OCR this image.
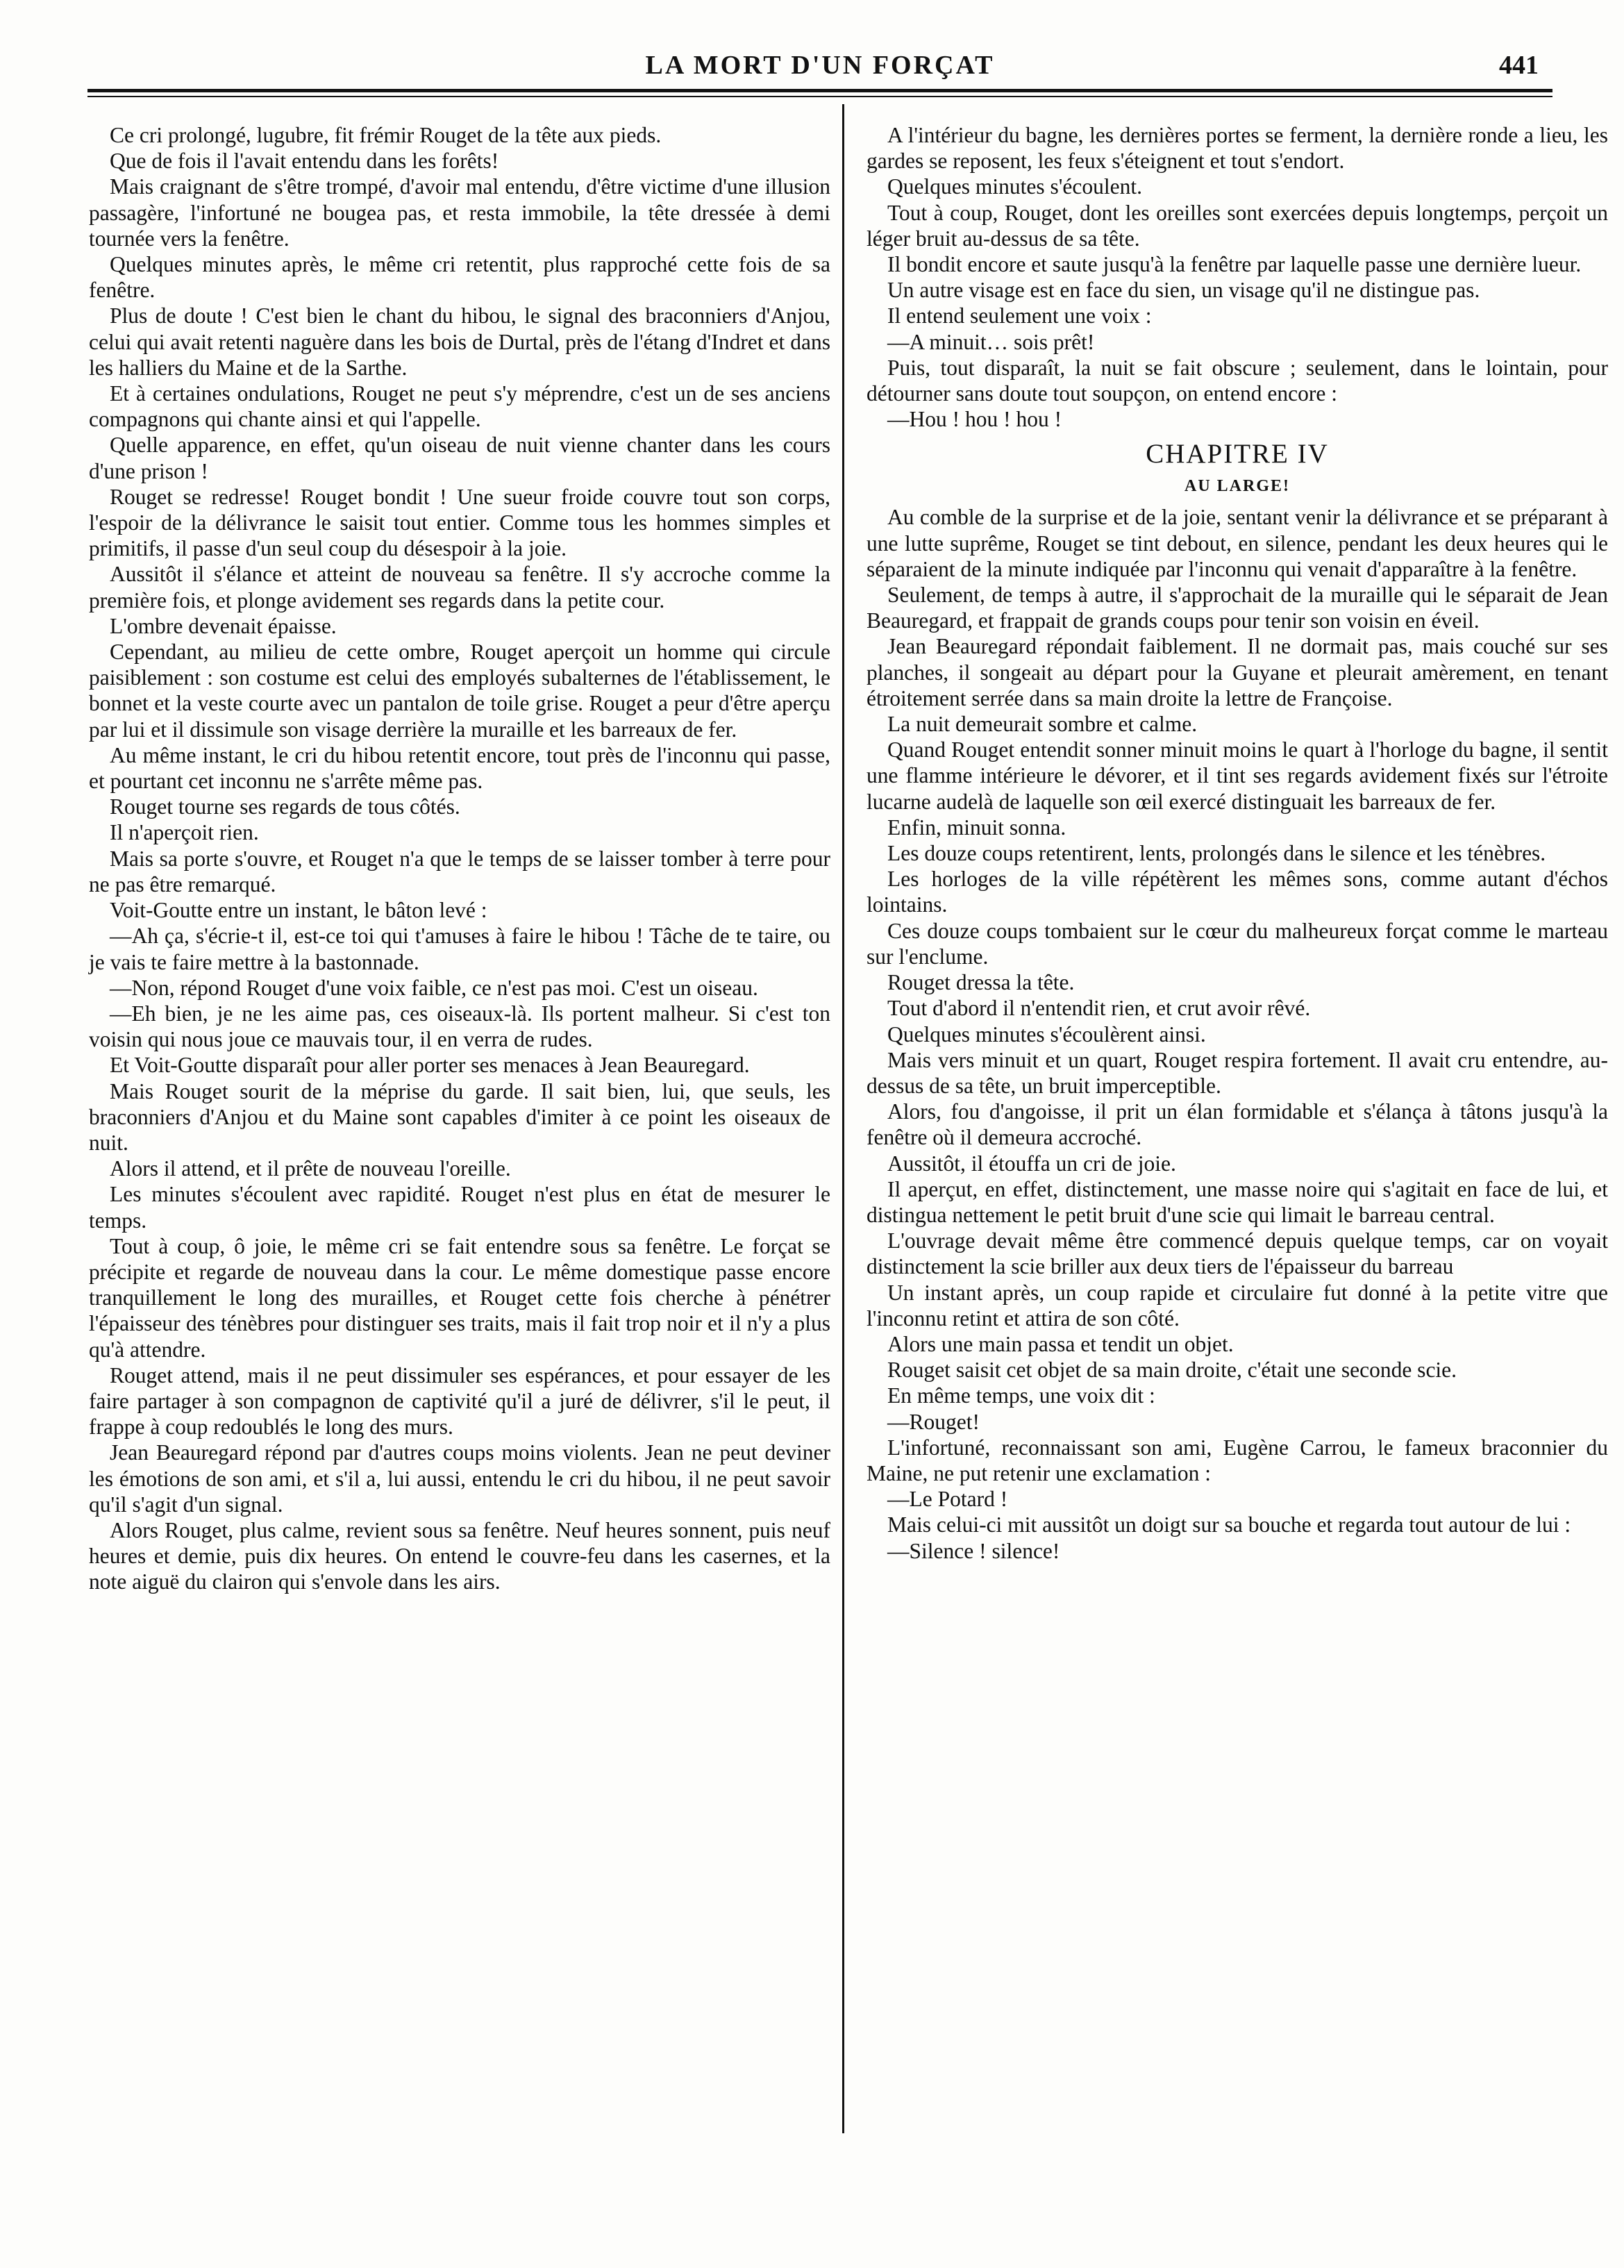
LA MORT D'UN FORÇAT	441

Ce cri prolongé, lugubre, fit frémir Rouget de la tête aux pieds.

Que de fois il l'avait entendu dans les forêts!

Mais craignant de s'être trompé, d'avoir mal entendu, d'être victime d'une illusion passagère, l'infortuné ne bougea pas, et resta immobile, la tête dressée à demi tournée vers la fenêtre.

Quelques minutes après, le même cri retentit, plus rapproché cette fois de sa fenêtre.

Plus de doute ! C'est bien le chant du hibou, le signal des braconniers d'Anjou, celui qui avait retenti naguère dans les bois de Durtal, près de l'étang d'Indret et dans les halliers du Maine et de la Sarthe.

Et à certaines ondulations, Rouget ne peut s'y méprendre, c'est un de ses anciens compagnons qui chante ainsi et qui l'appelle.

Quelle apparence, en effet, qu'un oiseau de nuit vienne chanter dans les cours d'une prison !

Rouget se redresse! Rouget bondit ! Une sueur froide couvre tout son corps, l'espoir de la délivrance le saisit tout entier. Comme tous les hommes simples et primitifs, il passe d'un seul coup du désespoir à la joie.

Aussitôt il s'élance et atteint de nouveau sa fenêtre. Il s'y accroche comme la première fois, et plonge avidement ses regards dans la petite cour.

L'ombre devenait épaisse.

Cependant, au milieu de cette ombre, Rouget aperçoit un homme qui circule paisiblement : son costume est celui des employés subalternes de l'établissement, le bonnet et la veste courte avec un pantalon de toile grise. Rouget a peur d'être aperçu par lui et il dissimule son visage derrière la muraille et les barreaux de fer.

Au même instant, le cri du hibou retentit encore, tout près de l'inconnu qui passe, et pourtant cet inconnu ne s'arrête même pas.

Rouget tourne ses regards de tous côtés.

Il n'aperçoit rien.

Mais sa porte s'ouvre, et Rouget n'a que le temps de se laisser tomber à terre pour ne pas être remarqué.

Voit-Goutte entre un instant, le bâton levé :

—Ah ça, s'écrie-t il, est-ce toi qui t'amuses à faire le hibou ! Tâche de te taire, ou je vais te faire mettre à la bastonnade.

—Non, répond Rouget d'une voix faible, ce n'est pas moi. C'est un oiseau.

—Eh bien, je ne les aime pas, ces oiseaux-là. Ils portent malheur. Si c'est ton voisin qui nous joue ce mauvais tour, il en verra de rudes.

Et Voit-Goutte disparaît pour aller porter ses menaces à Jean Beauregard.

Mais Rouget sourit de la méprise du garde. Il sait bien, lui, que seuls, les braconniers d'Anjou et du Maine sont capables d'imiter à ce point les oiseaux de nuit.

Alors il attend, et il prête de nouveau l'oreille.

Les minutes s'écoulent avec rapidité. Rouget n'est plus en état de mesurer le temps.

Tout à coup, ô joie, le même cri se fait entendre sous sa fenêtre. Le forçat se précipite et regarde de nouveau dans la cour. Le même domestique passe encore tranquillement le long des murailles, et Rouget cette fois cherche à pénétrer l'épaisseur des ténèbres pour distinguer ses traits, mais il fait trop noir et il n'y a plus qu'à attendre.

Rouget attend, mais il ne peut dissimuler ses espérances, et pour essayer de les faire partager à son compagnon de captivité qu'il a juré de délivrer, s'il le peut, il frappe à coup redoublés le long des murs.

Jean Beauregard répond par d'autres coups moins violents. Jean ne peut deviner les émotions de son ami, et s'il a, lui aussi, entendu le cri du hibou, il ne peut savoir qu'il s'agit d'un signal.

Alors Rouget, plus calme, revient sous sa fenêtre. Neuf heures sonnent, puis neuf heures et demie, puis dix heures. On entend le couvre-feu dans les casernes, et la note aiguë du clairon qui s'envole dans les airs.

A l'intérieur du bagne, les dernières portes se ferment, la dernière ronde a lieu, les gardes se reposent, les feux s'éteignent et tout s'endort.

Quelques minutes s'écoulent.

Tout à coup, Rouget, dont les oreilles sont exercées depuis longtemps, perçoit un léger bruit au-dessus de sa tête.

Il bondit encore et saute jusqu'à la fenêtre par laquelle passe une dernière lueur.

Un autre visage est en face du sien, un visage qu'il ne distingue pas.

Il entend seulement une voix :

—A minuit… sois prêt!

Puis, tout disparaît, la nuit se fait obscure ; seulement, dans le lointain, pour détourner sans doute tout soupçon, on entend encore :

—Hou ! hou ! hou !

CHAPITRE IV
AU LARGE!

Au comble de la surprise et de la joie, sentant venir la délivrance et se préparant à une lutte suprême, Rouget se tint debout, en silence, pendant les deux heures qui le séparaient de la minute indiquée par l'inconnu qui venait d'apparaître à la fenêtre.

Seulement, de temps à autre, il s'approchait de la muraille qui le séparait de Jean Beauregard, et frappait de grands coups pour tenir son voisin en éveil.

Jean Beauregard répondait faiblement. Il ne dormait pas, mais couché sur ses planches, il songeait au départ pour la Guyane et pleurait amèrement, en tenant étroitement serrée dans sa main droite la lettre de Françoise.

La nuit demeurait sombre et calme.

Quand Rouget entendit sonner minuit moins le quart à l'horloge du bagne, il sentit une flamme intérieure le dévorer, et il tint ses regards avidement fixés sur l'étroite lucarne audelà de laquelle son œil exercé distinguait les barreaux de fer.

Enfin, minuit sonna.

Les douze coups retentirent, lents, prolongés dans le silence et les ténèbres.

Les horloges de la ville répétèrent les mêmes sons, comme autant d'échos lointains.

Ces douze coups tombaient sur le cœur du malheureux forçat comme le marteau sur l'enclume.

Rouget dressa la tête.

Tout d'abord il n'entendit rien, et crut avoir rêvé.

Quelques minutes s'écoulèrent ainsi.

Mais vers minuit et un quart, Rouget respira fortement. Il avait cru entendre, au-dessus de sa tête, un bruit imperceptible.

Alors, fou d'angoisse, il prit un élan formidable et s'élança à tâtons jusqu'à la fenêtre où il demeura accroché.

Aussitôt, il étouffa un cri de joie.

Il aperçut, en effet, distinctement, une masse noire qui s'agitait en face de lui, et distingua nettement le petit bruit d'une scie qui limait le barreau central.

L'ouvrage devait même être commencé depuis quelque temps, car on voyait distinctement la scie briller aux deux tiers de l'épaisseur du barreau

Un instant après, un coup rapide et circulaire fut donné à la petite vitre que l'inconnu retint et attira de son côté.

Alors une main passa et tendit un objet.

Rouget saisit cet objet de sa main droite, c'était une seconde scie.

En même temps, une voix dit :

—Rouget!

L'infortuné, reconnaissant son ami, Eugène Carrou, le fameux braconnier du Maine, ne put retenir une exclamation :

—Le Potard !

Mais celui-ci mit aussitôt un doigt sur sa bouche et regarda tout autour de lui :

—Silence ! silence!
